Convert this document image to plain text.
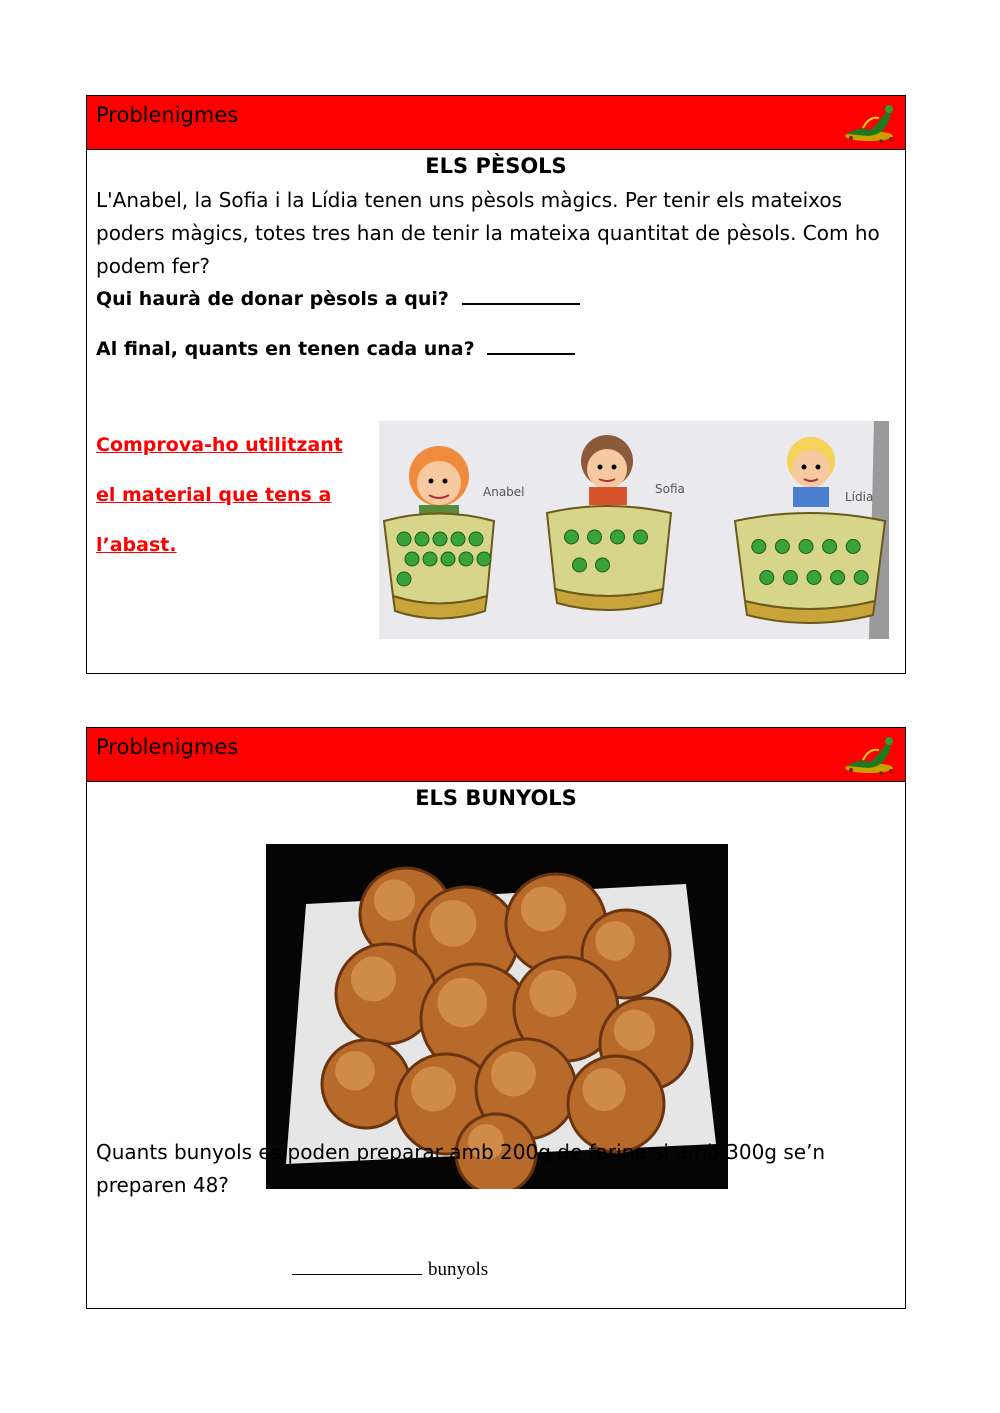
Problenigmes
ELS PÈSOLS
L'Anabel, la Sofia i la Lídia tenen uns pèsols màgics. Per tenir els mateixos poders màgics, totes tres han de tenir la mateixa quantitat de pèsols. Com ho podem fer?
Qui haurà de donar pèsols a qui?
Al final, quants en tenen cada una?
Comprova-ho utilitzant
el material que tens a
l’abast.
Anabel	Sofia
Lídia
Problenigmes
ELS BUNYOLS
Quants bunyols es poden preparar amb 200g de farina si amb 300g se’n preparen 48?
bunyols
